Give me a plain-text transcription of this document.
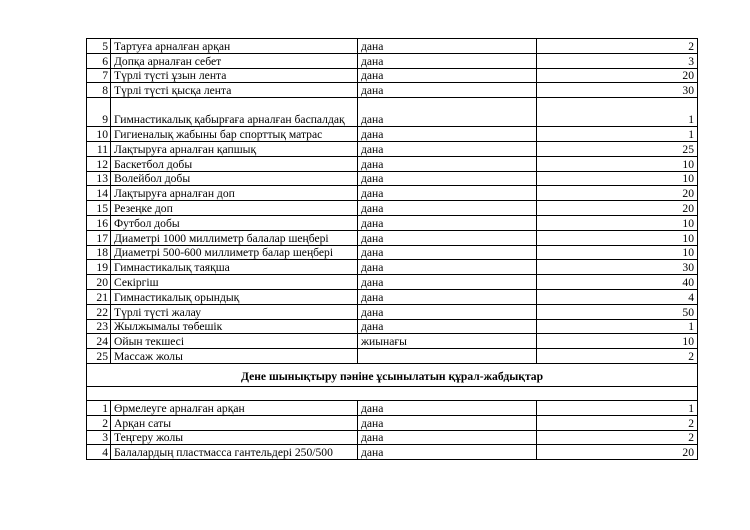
5	Тартуға арналған арқан	дана	2
6	Допқа арналған себет	дана	3
7	Түрлі түсті ұзын лента	дана	20
8	Түрлі түсті қысқа лента	дана	30
9	Гимнастикалық қабырғаға арналған баспалдақ	дана	1
10	Гигиеналық жабыны бар спорттық матрас	дана	1
11	Лақтыруға арналған қапшық	дана	25
12	Баскетбол добы	дана	10
13	Волейбол добы	дана	10
14	Лақтыруға арналған доп	дана	20
15	Резеңке доп	дана	20
16	Футбол добы	дана	10
17	Диаметрі 1000 миллиметр балалар шеңбері	дана	10
18	Диаметрі 500-600 миллиметр балар шеңбері	дана	10
19	Гимнастикалық таяқша	дана	30
20	Секіргіш	дана	40
21	Гимнастикалық орындық	дана	4
22	Түрлі түсті жалау	дана	50
23	Жылжымалы төбешік	дана	1
24	Ойын текшесі	жиынағы	10
25	Массаж жолы		2
Дене шынықтыру пәніне ұсынылатын құрал-жабдықтар			

1	Өрмелеуге арналған арқан	дана	1
2	Арқан саты	дана	2
3	Теңгеру жолы	дана	2
4	Балалардың пластмасса гантельдері 250/500	дана	20
